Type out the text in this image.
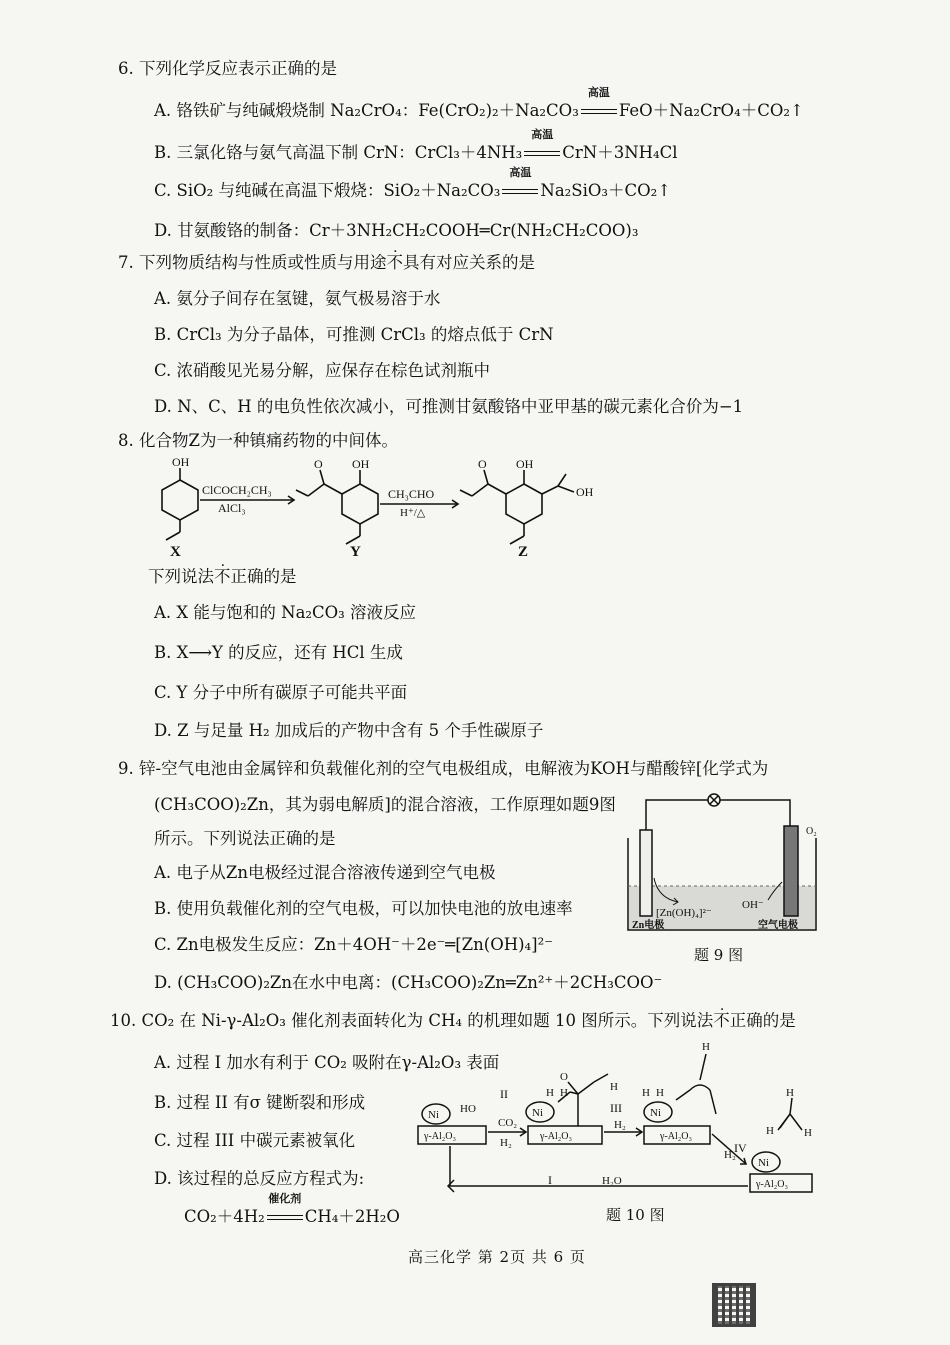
6. 下列化学反应表示正确的是
A. 铬铁矿与纯碱煅烧制 Na₂CrO₄：Fe(CrO₂)₂＋Na₂CO₃
高温
FeO＋Na₂CrO₄＋CO₂↑
B. 三氯化铬与氨气高温下制 CrN：CrCl₃＋4NH₃
高温
CrN＋3NH₄Cl
C. SiO₂ 与纯碱在高温下煅烧：SiO₂＋Na₂CO₃
高温
Na₂SiO₃＋CO₂↑
D. 甘氨酸铬的制备：Cr＋3NH₂CH₂COOH═Cr(NH₂CH₂COO)₃
7. 下列物质结构与性质或性质与用途不具有对应关系的是
A. 氨分子间存在氢键，氨气极易溶于水
B. CrCl₃ 为分子晶体，可推测 CrCl₃ 的熔点低于 CrN
C. 浓硝酸见光易分解，应保存在棕色试剂瓶中
D. N、C、H 的电负性依次减小，可推测甘氨酸铬中亚甲基的碳元素化合价为−1
8. 化合物Z为一种镇痛药物的中间体。
OH
ClCOCH₂CH₃
AlCl₃
O OH
CH₃CHO
H⁺/△
O OH
OH
X	Y	Z
下列说法不正确的是
A. X 能与饱和的 Na₂CO₃ 溶液反应
B. X⟶Y 的反应，还有 HCl 生成
C. Y 分子中所有碳原子可能共平面
D. Z 与足量 H₂ 加成后的产物中含有 5 个手性碳原子
9. 锌-空气电池由金属锌和负载催化剂的空气电极组成，电解液为KOH与醋酸锌[化学式为
(CH₃COO)₂Zn，其为弱电解质]的混合溶液，工作原理如题9图
所示。下列说法正确的是
A. 电子从Zn电极经过混合溶液传递到空气电极
B. 使用负载催化剂的空气电极，可以加快电池的放电速率
C. Zn电极发生反应：Zn＋4OH⁻＋2e⁻═[Zn(OH)₄]²⁻
D. (CH₃COO)₂Zn在水中电离：(CH₃COO)₂Zn═Zn²⁺＋2CH₃COO⁻
O₂
[Zn(OH)₄]²⁻
OH⁻
Zn电极	空气电极
题 9 图
10. CO₂ 在 Ni-γ-Al₂O₃ 催化剂表面转化为 CH₄ 的机理如题 10 图所示。下列说法不正确的是
A. 过程 I 加水有利于 CO₂ 吸附在γ-Al₂O₃ 表面
B. 过程 II 有σ 键断裂和形成
C. 过程 III 中碳元素被氧化
D. 该过程的总反应方程式为:
CO₂＋4H₂
催化剂
CH₄＋2H₂O
Ni
γ-Al₂O₃
HO
II
CO₂
H₂
Ni
γ-Al₂O₃
H H
O
H
III
H₂
Ni
γ-Al₂O₃
H H
H
IV
H₂
Ni
γ-Al₂O₃
H
H	H
I	H₂O
题 10 图
高三化学 第 2页 共 6 页
